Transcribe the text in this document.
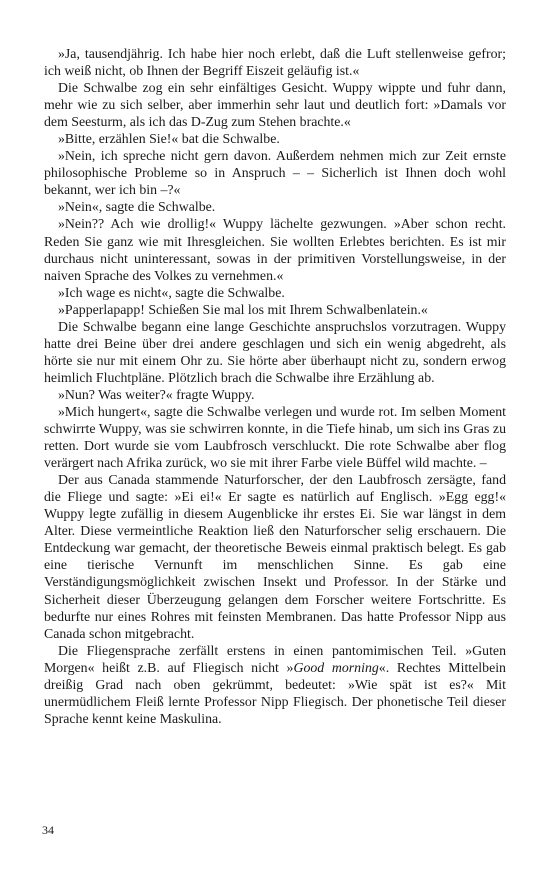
»Ja, tausendjährig. Ich habe hier noch erlebt, daß die Luft stellenweise gefror; ich weiß nicht, ob Ihnen der Begriff Eiszeit geläufig ist.«

Die Schwalbe zog ein sehr einfältiges Gesicht. Wuppy wippte und fuhr dann, mehr wie zu sich selber, aber immerhin sehr laut und deutlich fort: »Damals vor dem Seesturm, als ich das D-Zug zum Stehen brachte.«

»Bitte, erzählen Sie!« bat die Schwalbe.

»Nein, ich spreche nicht gern davon. Außerdem nehmen mich zur Zeit ernste philosophische Probleme so in Anspruch – – Sicherlich ist Ihnen doch wohl bekannt, wer ich bin –?«

»Nein«, sagte die Schwalbe.

»Nein?? Ach wie drollig!« Wuppy lächelte gezwungen. »Aber schon recht. Reden Sie ganz wie mit Ihresgleichen. Sie wollten Erlebtes berichten. Es ist mir durchaus nicht uninteressant, sowas in der primitiven Vorstellungsweise, in der naiven Sprache des Volkes zu vernehmen.«

»Ich wage es nicht«, sagte die Schwalbe.

»Papperlapapp! Schießen Sie mal los mit Ihrem Schwalbenlatein.«

Die Schwalbe begann eine lange Geschichte anspruchslos vorzutragen. Wuppy hatte drei Beine über drei andere geschlagen und sich ein wenig abgedreht, als hörte sie nur mit einem Ohr zu. Sie hörte aber überhaupt nicht zu, sondern erwog heimlich Fluchtpläne. Plötzlich brach die Schwalbe ihre Erzählung ab.

»Nun? Was weiter?« fragte Wuppy.

»Mich hungert«, sagte die Schwalbe verlegen und wurde rot. Im selben Moment schwirrte Wuppy, was sie schwirren konnte, in die Tiefe hinab, um sich ins Gras zu retten. Dort wurde sie vom Laubfrosch verschluckt. Die rote Schwalbe aber flog verärgert nach Afrika zurück, wo sie mit ihrer Farbe viele Büffel wild machte. –

Der aus Canada stammende Naturforscher, der den Laubfrosch zersägte, fand die Fliege und sagte: »Ei ei!« Er sagte es natürlich auf Englisch. »Egg egg!« Wuppy legte zufällig in diesem Augenblicke ihr erstes Ei. Sie war längst in dem Alter. Diese vermeintliche Reaktion ließ den Naturforscher selig erschauern. Die Entdeckung war gemacht, der theoretische Beweis einmal praktisch belegt. Es gab eine tierische Vernunft im menschlichen Sinne. Es gab eine Verständigungsmöglichkeit zwischen Insekt und Professor. In der Stärke und Sicherheit dieser Überzeugung gelangen dem Forscher weitere Fortschritte. Es bedurfte nur eines Rohres mit feinsten Membranen. Das hatte Professor Nipp aus Canada schon mitgebracht.

Die Fliegensprache zerfällt erstens in einen pantomimischen Teil. »Guten Morgen« heißt z.B. auf Fliegisch nicht »Good morning«. Rechtes Mittelbein dreißig Grad nach oben gekrümmt, bedeutet: »Wie spät ist es?« Mit unermüdlichem Fleiß lernte Professor Nipp Fliegisch. Der phonetische Teil dieser Sprache kennt keine Maskulina.

34
